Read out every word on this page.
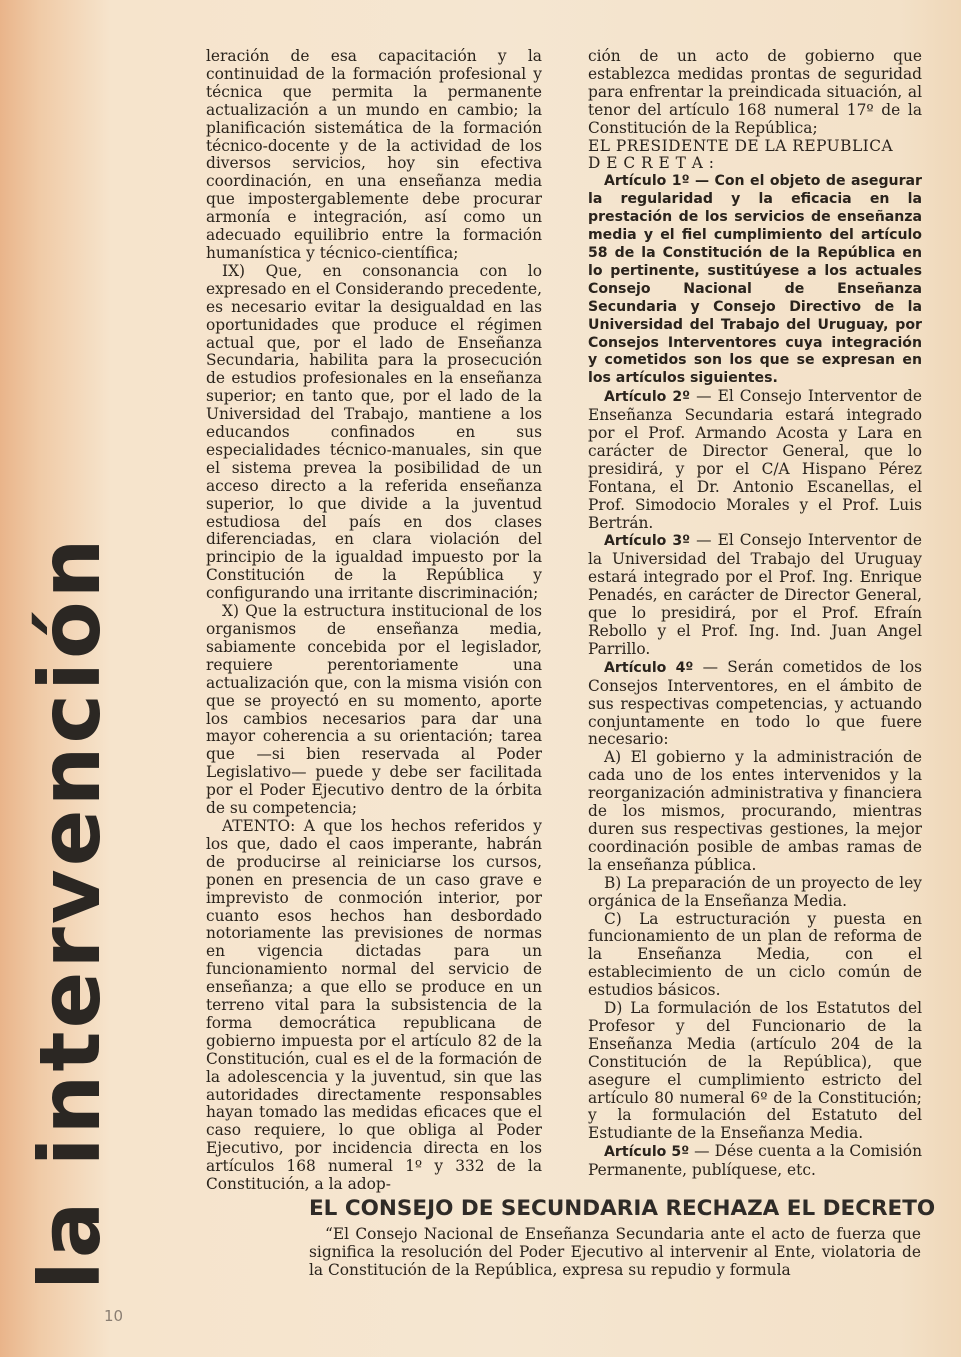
la intervención

leración de esa capacitación y la continuidad de la formación profesional y técnica que permita la permanente actualización a un mundo en cambio; la planificación sistemática de la formación técnico-docente y de la actividad de los diversos servicios, hoy sin efectiva coordinación, en una enseñanza media que impostergablemente debe procurar armonía e integración, así como un adecuado equilibrio entre la formación humanística y técnico-científica;

IX) Que, en consonancia con lo expresado en el Considerando precedente, es necesario evitar la desigualdad en las oportunidades que produce el régimen actual que, por el lado de Enseñanza Secundaria, habilita para la prosecución de estudios profesionales en la enseñanza superior; en tanto que, por el lado de la Universidad del Trabajo, mantiene a los educandos confinados en sus especialidades técnico-manuales, sin que el sistema prevea la posibilidad de un acceso directo a la referida enseñanza superior, lo que divide a la juventud estudiosa del país en dos clases diferenciadas, en clara violación del principio de la igualdad impuesto por la Constitución de la República y configurando una irritante discriminación;

X) Que la estructura institucional de los organismos de enseñanza media, sabiamente concebida por el legislador, requiere perentoriamente una actualización que, con la misma visión con que se proyectó en su momento, aporte los cambios necesarios para dar una mayor coherencia a su orientación; tarea que —si bien reservada al Poder Legislativo— puede y debe ser facilitada por el Poder Ejecutivo dentro de la órbita de su competencia;

ATENTO: A que los hechos referidos y los que, dado el caos imperante, habrán de producirse al reiniciarse los cursos, ponen en presencia de un caso grave e imprevisto de conmoción interior, por cuanto esos hechos han desbordado notoriamente las previsiones de normas en vigencia dictadas para un funcionamiento normal del servicio de enseñanza; a que ello se produce en un terreno vital para la subsistencia de la forma democrática republicana de gobierno impuesta por el artículo 82 de la Constitución, cual es el de la formación de la adolescencia y la juventud, sin que las autoridades directamente responsables hayan tomado las medidas eficaces que el caso requiere, lo que obliga al Poder Ejecutivo, por incidencia directa en los artículos 168 numeral 1º y 332 de la Constitución, a la adop-

ción de un acto de gobierno que establezca medidas prontas de seguridad para enfrentar la preindicada situación, al tenor del artículo 168 numeral 17º de la Constitución de la República;

EL PRESIDENTE DE LA REPUBLICA

D E C R E T A :

Artículo 1º — Con el objeto de asegurar la regularidad y la eficacia en la prestación de los servicios de enseñanza media y el fiel cumplimiento del artículo 58 de la Constitución de la República en lo pertinente, sustitúyese a los actuales Consejo Nacional de Enseñanza Secundaria y Consejo Directivo de la Universidad del Trabajo del Uruguay, por Consejos Interventores cuya integración y cometidos son los que se expresan en los artículos siguientes.

Artículo 2º — El Consejo Interventor de Enseñanza Secundaria estará integrado por el Prof. Armando Acosta y Lara en carácter de Director General, que lo presidirá, y por el C/A Hispano Pérez Fontana, el Dr. Antonio Escanellas, el Prof. Simodocio Morales y el Prof. Luis Bertrán.

Artículo 3º — El Consejo Interventor de la Universidad del Trabajo del Uruguay estará integrado por el Prof. Ing. Enrique Penadés, en carácter de Director General, que lo presidirá, por el Prof. Efraín Rebollo y el Prof. Ing. Ind. Juan Angel Parrillo.

Artículo 4º — Serán cometidos de los Consejos Interventores, en el ámbito de sus respectivas competencias, y actuando conjuntamente en todo lo que fuere necesario:

A) El gobierno y la administración de cada uno de los entes intervenidos y la reorganización administrativa y financiera de los mismos, procurando, mientras duren sus respectivas gestiones, la mejor coordinación posible de ambas ramas de la enseñanza pública.

B) La preparación de un proyecto de ley orgánica de la Enseñanza Media.

C) La estructuración y puesta en funcionamiento de un plan de reforma de la Enseñanza Media, con el establecimiento de un ciclo común de estudios básicos.

D) La formulación de los Estatutos del Profesor y del Funcionario de la Enseñanza Media (artículo 204 de la Constitución de la República), que asegure el cumplimiento estricto del artículo 80 numeral 6º de la Constitución; y la formulación del Estatuto del Estudiante de la Enseñanza Media.

Artículo 5º — Dése cuenta a la Comisión Permanente, publíquese, etc.

EL CONSEJO DE SECUNDARIA RECHAZA EL DECRETO
“El Consejo Nacional de Enseñanza Secundaria ante el acto de fuerza que significa la resolución del Poder Ejecutivo al intervenir al Ente, violatoria de la Constitución de la República, expresa su repudio y formula
10
